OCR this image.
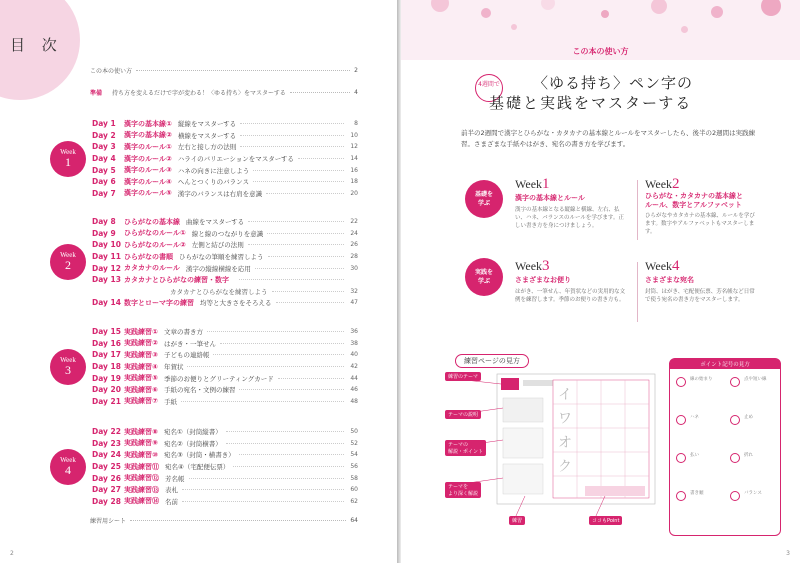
目 次
この本の使い方	2
準備 持ち方を変えるだけで字が変わる！〈ゆる持ち〉をマスターする	4
Week
1
Day 1	漢字の基本線① 縦線をマスターする	8
Day 2	漢字の基本線② 横線をマスターする	10
Day 3	漢字のルール① 左右と接し方の法則	12
Day 4	漢字のルール② ハライのバリエーションをマスターする	14
Day 5	漢字のルール③ ハネの向きに注意しよう	16
Day 6	漢字のルール④ へんとつくりのバランス	18
Day 7	漢字のルール⑤ 漢字のバランスは右肩を意識	20
Week
2
Day 8	ひらがなの基本線 曲線をマスターする	22
Day 9	ひらがなのルール① 線と線のつながりを意識	24
Day 10 ひらがなのルール② 左側と結びの法則	26
Day 11 ひらがなの書順 ひらがなの筆順を練習しよう	28
Day 12 カタカナのルール 漢字の縦線横線を応用	30
Day 13 カタカナとひらがなの練習・数字
カタカナとひらがなを練習しよう	32
Day 14 数字とローマ字の練習 均等と大きさをそろえる	47
Week
3
Day 15 実践練習① 文章の書き方	36
Day 16 実践練習② はがき・一筆せん	38
Day 17 実践練習③ 子どもの連絡帳	40
Day 18 実践練習④ 年賀状	42
Day 19 実践練習⑤ 季節のお便りとグリーティングカード	44
Day 20 実践練習⑥ 手紙の宛名・文例の練習	46
Day 21 実践練習⑦ 手紙	48
Week
4
Day 22 実践練習⑧ 宛名①（封筒縦書）	50
Day 23 実践練習⑨ 宛名②（封筒横書）	52
Day 24 実践練習⑩ 宛名③（封筒・横書き）	54
Day 25 実践練習⑪ 宛名④（宅配便伝票）	56
Day 26 実践練習⑫ 芳名帳	58
Day 27 実践練習⑬ 表札	60
Day 28 実践練習⑭ 名前	62
練習用シート	64
2
この本の使い方
4週間で 〈ゆる持ち〉ペン字の
基礎と実践をマスターする
前半の2週間で漢字とひらがな・カタカナの基本線とルールをマスターしたら、後半の2週間は実践練習。さまざまな手紙やはがき、宛名の書き方を学びます。
基礎を
学ぶ
実践を
学ぶ
Week1
漢字の基本線とルール
漢字の基本線となる縦線と横線、左右、払い、ハネ、バランスのルールを学びます。正しい書き方を身につけましょう。
Week2
ひらがな・カタカナの基本線と
ルール、数字とアルファベット
ひらがなやカタカナの基本線、ルールを学びます。数字やアルファベットもマスターします。
Week3
さまざまなお便り
はがき、一筆せん、年賀状などの実用的な文例を練習します。季節のお便りの書き方も。
Week4
さまざまな宛名
封筒、はがき、宅配便伝票、芳名帳など日常で使う宛名の書き方をマスターします。
練習ページの見方
イ
ワ
オ
ク
練習のテーマ
テーマの説明
テーマの
解説・ポイント
テーマを
より深く解説
練習	ココもPoint
ポイント記号の見方
線の始まり	点や短い線
ハネ	止め
払い	折れ
書き順	バランス
3
